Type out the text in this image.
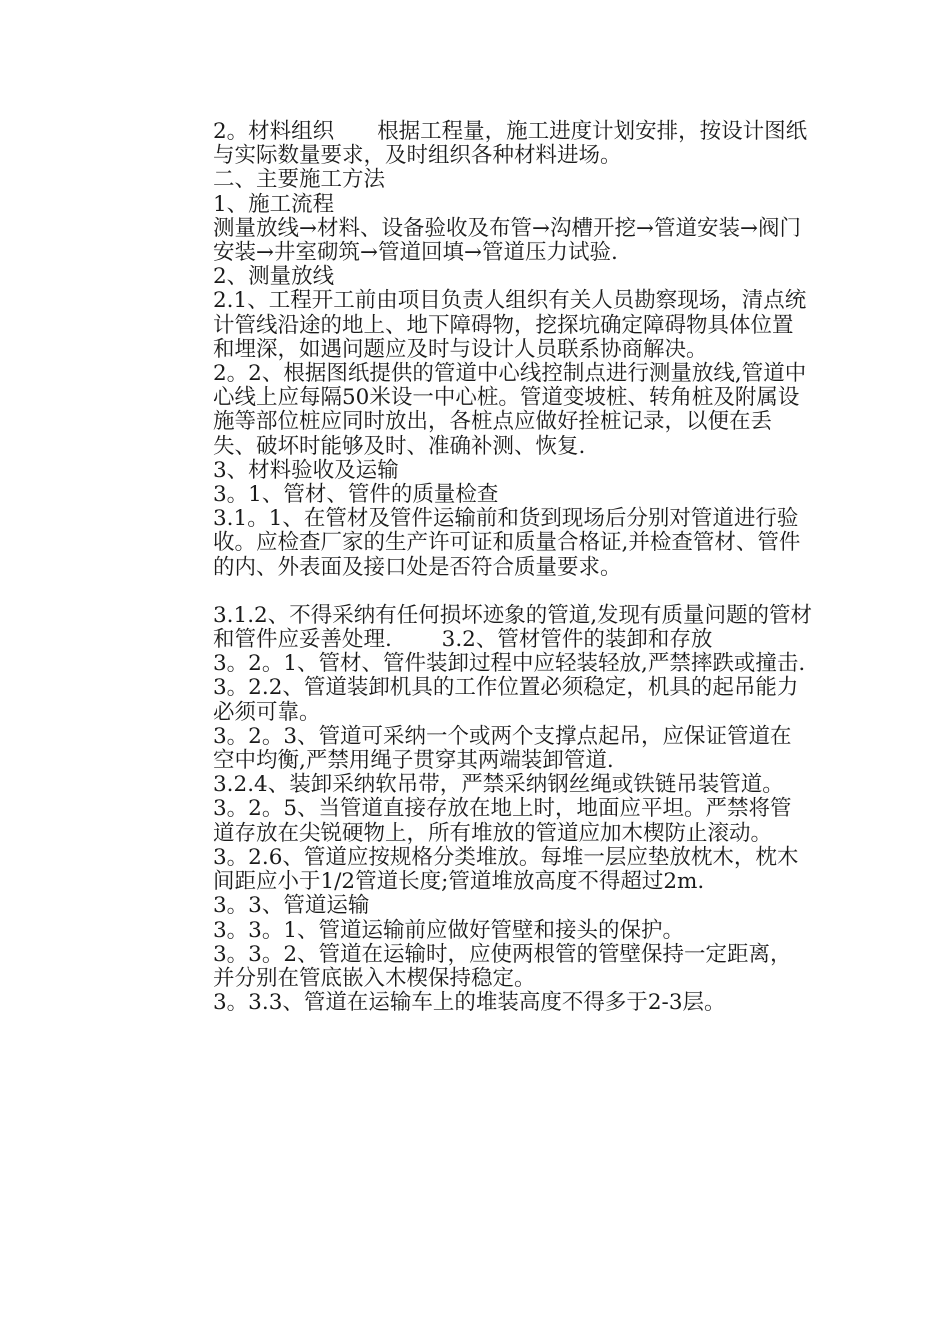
2。材料组织　　根据工程量，施工进度计划安排，按设计图纸与实际数量要求，及时组织各种材料进场。

二、主要施工方法

1、施工流程

测量放线→材料、设备验收及布管→沟槽开挖→管道安装→阀门安装→井室砌筑→管道回填→管道压力试验.

2、测量放线

2.1、工程开工前由项目负责人组织有关人员勘察现场，清点统计管线沿途的地上、地下障碍物，挖探坑确定障碍物具体位置和埋深，如遇问题应及时与设计人员联系协商解决。

2。2、根据图纸提供的管道中心线控制点进行测量放线,管道中心线上应每隔50米设一中心桩。管道变坡桩、转角桩及附属设施等部位桩应同时放出，各桩点应做好拴桩记录，以便在丢失、破坏时能够及时、准确补测、恢复.

3、材料验收及运输

3。1、管材、管件的质量检查

3.1。1、在管材及管件运输前和货到现场后分别对管道进行验收。应检查厂家的生产许可证和质量合格证,并检查管材、管件的内、外表面及接口处是否符合质量要求。

3.1.2、不得采纳有任何损坏迹象的管道,发现有质量问题的管材和管件应妥善处理.　　 3.2、管材管件的装卸和存放

3。2。1、管材、管件装卸过程中应轻装轻放,严禁摔跌或撞击.

3。2.2、管道装卸机具的工作位置必须稳定，机具的起吊能力必须可靠。

3。2。3、管道可采纳一个或两个支撑点起吊，应保证管道在空中均衡,严禁用绳子贯穿其两端装卸管道.

3.2.4、装卸采纳软吊带，严禁采纳钢丝绳或铁链吊装管道。

3。2。5、当管道直接存放在地上时，地面应平坦。严禁将管道存放在尖锐硬物上，所有堆放的管道应加木楔防止滚动。

3。2.6、管道应按规格分类堆放。每堆一层应垫放枕木，枕木间距应小于1/2管道长度;管道堆放高度不得超过2m.

3。3、管道运输

3。3。1、管道运输前应做好管壁和接头的保护。

3。3。2、管道在运输时，应使两根管的管壁保持一定距离，并分别在管底嵌入木楔保持稳定。

3。3.3、管道在运输车上的堆装高度不得多于2-3层。
